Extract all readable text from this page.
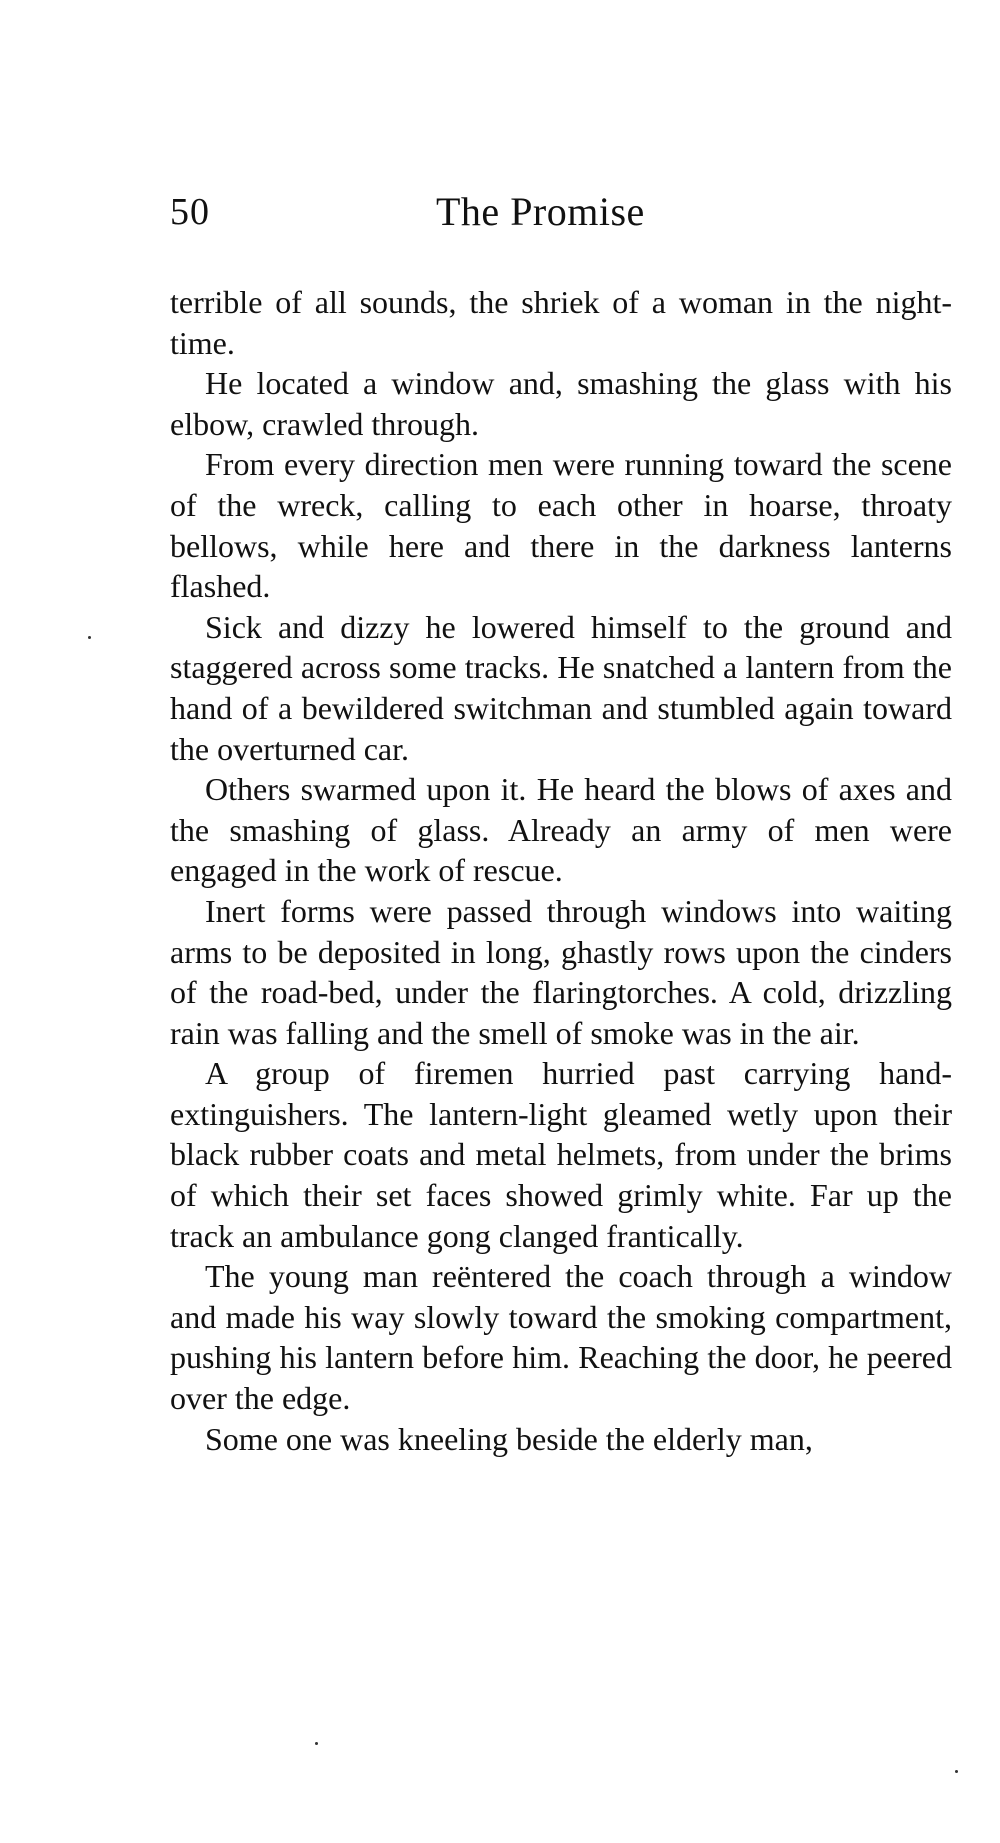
50	The Promise

terrible of all sounds, the shriek of a woman in the night-time.

He located a window and, smashing the glass with his elbow, crawled through.

From every direction men were running toward the scene of the wreck, calling to each other in hoarse, throaty bellows, while here and there in the darkness lanterns flashed.

Sick and dizzy he lowered himself to the ground and staggered across some tracks. He snatched a lantern from the hand of a bewildered switchman and stumbled again toward the overturned car.

Others swarmed upon it. He heard the blows of axes and the smashing of glass. Already an army of men were engaged in the work of rescue.

Inert forms were passed through windows into waiting arms to be deposited in long, ghastly rows upon the cinders of the road-bed, under the flaringtorches. A cold, drizzling rain was falling and the smell of smoke was in the air.

A group of firemen hurried past carrying hand-extinguishers. The lantern-light gleamed wetly upon their black rubber coats and metal helmets, from under the brims of which their set faces showed grimly white. Far up the track an ambulance gong clanged frantically.

The young man reëntered the coach through a window and made his way slowly toward the smoking compartment, pushing his lantern before him. Reaching the door, he peered over the edge.

Some one was kneeling beside the elderly man,
